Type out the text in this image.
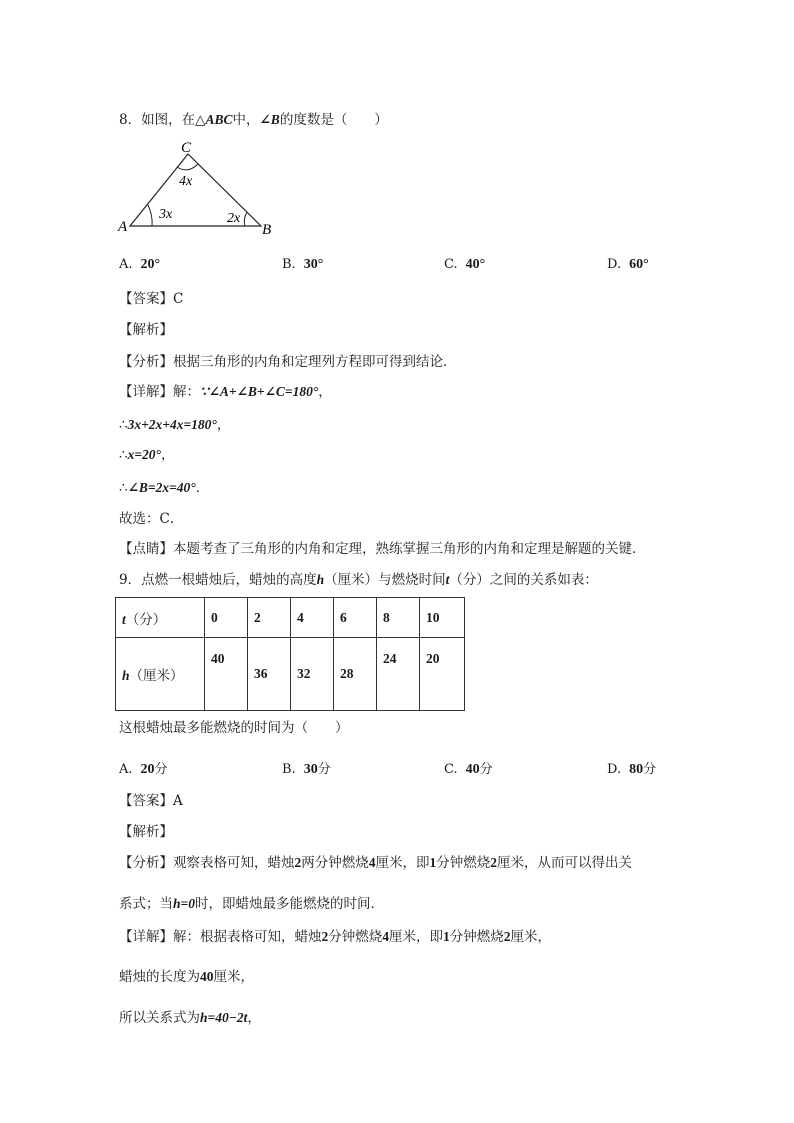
8．如图，在△ABC中，∠B的度数是（　　）
C
4x
3x	2x
A	B
A. 20°	B. 30°	C. 40°	D. 60°
【答案】C
【解析】
【分析】根据三角形的内角和定理列方程即可得到结论．
【详解】解：∵∠A+∠B+∠C=180°，
∴3x+2x+4x=180°，
∴x=20°，
∴∠B=2x=40°．
故选：C．
【点睛】本题考查了三角形的内角和定理，熟练掌握三角形的内角和定理是解题的关键．
9．点燃一根蜡烛后，蜡烛的高度h（厘米）与燃烧时间t（分）之间的关系如表：
t（分）	0	2	4	6	8	10
h（厘米）	40	36	32	28	24	20
这根蜡烛最多能燃烧的时间为（　　）
A. 20分	B. 30分	C. 40分	D. 80分
【答案】A
【解析】
【分析】观察表格可知，蜡烛2两分钟燃烧4厘米，即1分钟燃烧2厘米，从而可以得出关
系式；当h=0时，即蜡烛最多能燃烧的时间．
【详解】解：根据表格可知，蜡烛2分钟燃烧4厘米，即1分钟燃烧2厘米，
蜡烛的长度为40厘米，
所以关系式为h=40−2t，
